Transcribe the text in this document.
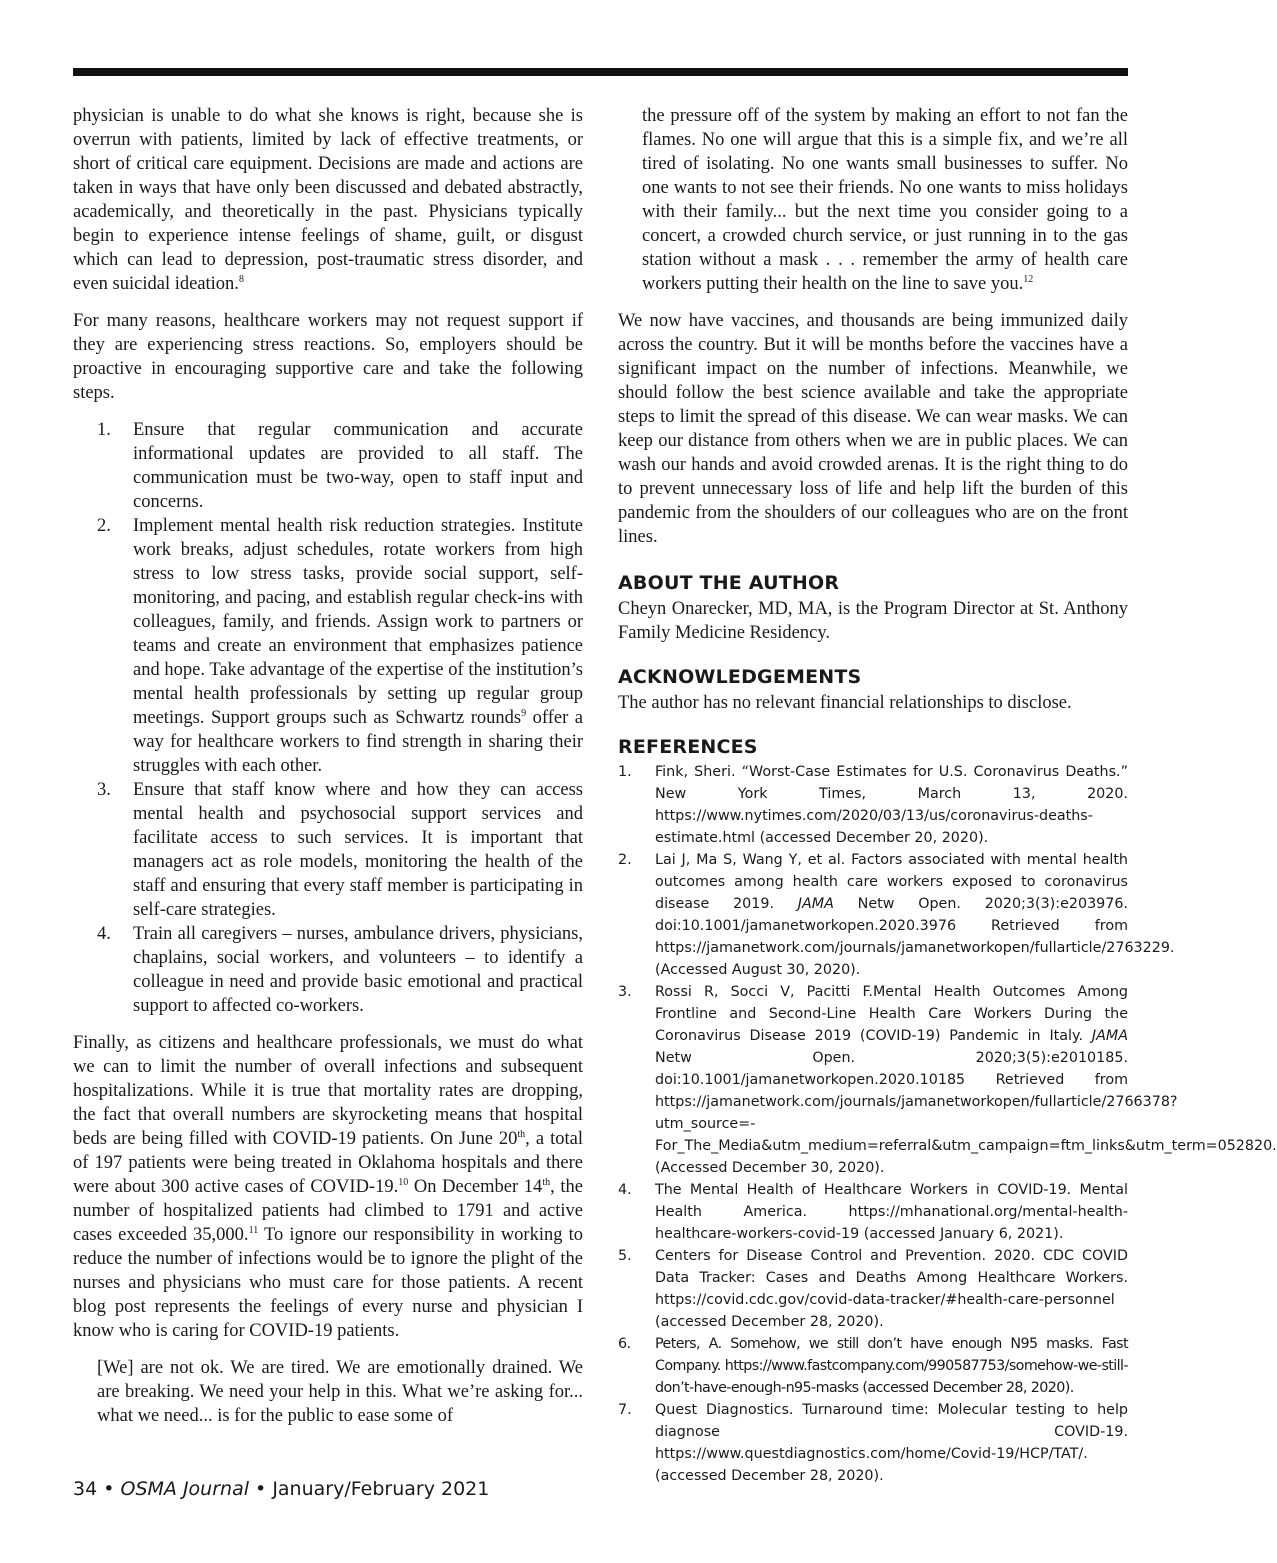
physician is unable to do what she knows is right, because she is overrun with patients, limited by lack of effective treatments, or short of critical care equipment. Decisions are made and actions are taken in ways that have only been discussed and debated abstractly, academically, and theoretically in the past. Physicians typically begin to experience intense feelings of shame, guilt, or disgust which can lead to depression, post-traumatic stress disorder, and even suicidal ideation.$^8$

For many reasons, healthcare workers may not request support if they are experiencing stress reactions. So, employers should be proactive in encouraging supportive care and take the following steps.

1. Ensure that regular communication and accurate informational updates are provided to all staff. The communication must be two-way, open to staff input and concerns.
2. Implement mental health risk reduction strategies. Institute work breaks, adjust schedules, rotate workers from high stress to low stress tasks, provide social support, self-monitoring, and pacing, and establish regular check-ins with colleagues, family, and friends. Assign work to partners or teams and create an environment that emphasizes patience and hope. Take advantage of the expertise of the institution’s mental health professionals by setting up regular group meetings. Support groups such as Schwartz rounds$^9$ offer a way for healthcare workers to find strength in sharing their struggles with each other.
3. Ensure that staff know where and how they can access mental health and psychosocial support services and facilitate access to such services. It is important that managers act as role models, monitoring the health of the staff and ensuring that every staff member is participating in self-care strategies.
4. Train all caregivers – nurses, ambulance drivers, physicians, chaplains, social workers, and volunteers – to identify a colleague in need and provide basic emotional and practical support to affected co-workers.

Finally, as citizens and healthcare professionals, we must do what we can to limit the number of overall infections and subsequent hospitalizations. While it is true that mortality rates are dropping, the fact that overall numbers are skyrocketing means that hospital beds are being filled with COVID-19 patients. On June 20th, a total of 197 patients were being treated in Oklahoma hospitals and there were about 300 active cases of COVID-19.10 On December 14th, the number of hospitalized patients had climbed to 1791 and active cases exceeded 35,000.11 To ignore our responsibility in working to reduce the number of infections would be to ignore the plight of the nurses and physicians who must care for those patients. A recent blog post represents the feelings of every nurse and physician I know who is caring for COVID-19 patients.

[We] are not ok. We are tired. We are emotionally drained. We are breaking. We need your help in this. What we’re asking for... what we need... is for the public to ease some of

the pressure off of the system by making an effort to not fan the flames. No one will argue that this is a simple fix, and we’re all tired of isolating. No one wants small businesses to suffer. No one wants to not see their friends. No one wants to miss holidays with their family... but the next time you consider going to a concert, a crowded church service, or just running in to the gas station without a mask . . . remember the army of health care workers putting their health on the line to save you.$^{12}$

We now have vaccines, and thousands are being immunized daily across the country. But it will be months before the vaccines have a significant impact on the number of infections. Meanwhile, we should follow the best science available and take the appropriate steps to limit the spread of this disease. We can wear masks. We can keep our distance from others when we are in public places. We can wash our hands and avoid crowded arenas. It is the right thing to do to prevent unnecessary loss of life and help lift the burden of this pandemic from the shoulders of our colleagues who are on the front lines.

ABOUT THE AUTHOR

Cheyn Onarecker, MD, MA, is the Program Director at St. Anthony Family Medicine Residency.

ACKNOWLEDGEMENTS

The author has no relevant financial relationships to disclose.

REFERENCES
1. Fink, Sheri. “Worst-Case Estimates for U.S. Coronavirus Deaths.” New York Times, March 13, 2020. https://www.nytimes.com/2020/03/13/us/coronavirus-deaths-estimate.html (accessed December 20, 2020).
2. Lai J, Ma S, Wang Y, et al. Factors associated with mental health outcomes among health care workers exposed to coronavirus disease 2019. JAMA Netw Open. 2020;3(3):e203976. doi:10.1001/jamanetworkopen.2020.3976 Retrieved from https://jamanetwork.com/journals/jamanetworkopen/fullarticle/2763229. (Accessed August 30, 2020).
3. Rossi R, Socci V, Pacitti F.Mental Health Outcomes Among Frontline and Second-Line Health Care Workers During the Coronavirus Disease 2019 (COVID-19) Pandemic in Italy. JAMA Netw Open. 2020;3(5):e2010185. doi:10.1001/jamanetworkopen.2020.10185 Retrieved from https://jamanetwork.com/journals/jamanetworkopen/fullarticle/2766378?utm_source=-For_The_Media&utm_medium=referral&utm_campaign=ftm_links&utm_term=052820. (Accessed December 30, 2020).
4. The Mental Health of Healthcare Workers in COVID-19. Mental Health America. https://mhanational.org/mental-health-healthcare-workers-covid-19 (accessed January 6, 2021).
5. Centers for Disease Control and Prevention. 2020. CDC COVID Data Tracker: Cases and Deaths Among Healthcare Workers. https://covid.cdc.gov/covid-data-tracker/#health-care-personnel (accessed December 28, 2020).
6. Peters, A. Somehow, we still don’t have enough N95 masks. Fast Company. https://www.fastcompany.com/990587753/somehow-we-still-don’t-have-enough-n95-masks (accessed December 28, 2020).
7. Quest Diagnostics. Turnaround time: Molecular testing to help diagnose COVID-19. https://www.questdiagnostics.com/home/Covid-19/HCP/TAT/. (accessed December 28, 2020).
34 • OSMA Journal • January/February 2021
